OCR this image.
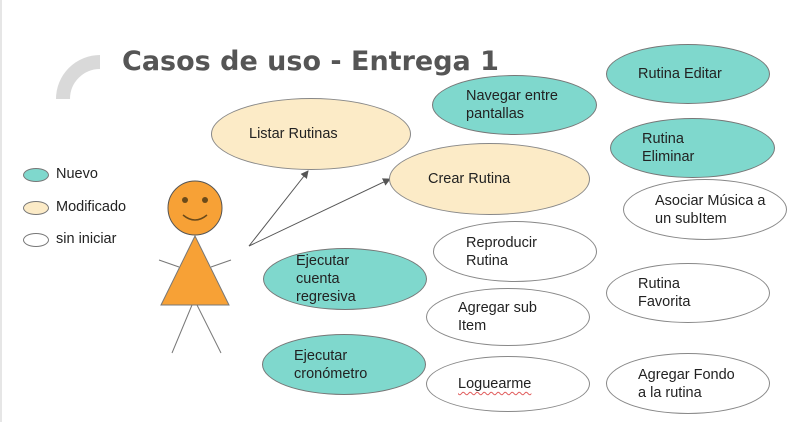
Casos de uso - Entrega 1
Nuevo
Modificado
sin iniciar
Listar Rutinas
Crear Rutina
Navegar entre pantallas
Rutina Editar
Rutina Eliminar
Asociar Música a un subItem
Reproducir Rutina
Ejecutar cuenta regresiva
Agregar sub Item
Rutina Favorita
Ejecutar cronómetro
Loguearme
Agregar Fondo a la rutina
